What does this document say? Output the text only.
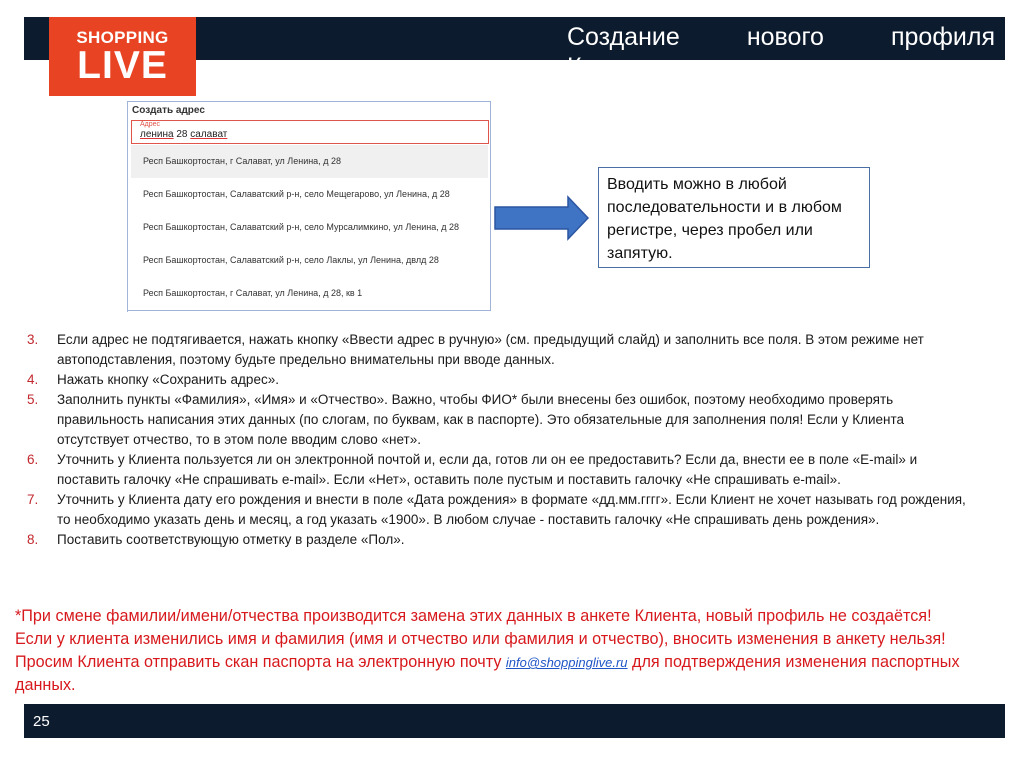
SHOPPING
LIVE
Создание	нового	профиля
Клиента
Создать адрес
Адрес
ленина 28 салават
Респ Башкортостан, г Салават, ул Ленина, д 28
Респ Башкортостан, Салаватский р-н, село Мещегарово, ул Ленина, д 28
Респ Башкортостан, Салаватский р-н, село Мурсалимкино, ул Ленина, д 28
Респ Башкортостан, Салаватский р-н, село Лаклы, ул Ленина, двлд 28
Респ Башкортостан, г Салават, ул Ленина, д 28, кв 1
Вводить можно в любой последовательности и в любом регистре, через пробел или запятую.
3. Если адрес не подтягивается, нажать кнопку «Ввести адрес в ручную» (см. предыдущий слайд) и заполнить все поля. В этом режиме нет автоподставления, поэтому будьте предельно внимательны при вводе данных.
4. Нажать кнопку «Сохранить адрес».
5. Заполнить пункты «Фамилия», «Имя» и «Отчество». Важно, чтобы ФИО* были внесены без ошибок, поэтому необходимо проверять правильность написания этих данных (по слогам, по буквам, как в паспорте). Это обязательные для заполнения поля! Если у Клиента отсутствует отчество, то в этом поле вводим слово «нет».
6. Уточнить у Клиента пользуется ли он электронной почтой и, если да, готов ли он ее предоставить? Если да, внести ее в поле «E-mail» и поставить галочку «Не спрашивать e-mail». Если «Нет», оставить поле пустым и поставить галочку «Не спрашивать e-mail».
7. Уточнить у Клиента дату его рождения и внести в поле «Дата рождения» в формате «дд.мм.гггг». Если Клиент не хочет называть год рождения, то необходимо указать день и месяц, а год указать «1900». В любом случае - поставить галочку «Не спрашивать день рождения».
8. Поставить соответствующую отметку в разделе «Пол».
*При смене фамилии/имени/отчества производится замена этих данных в анкете Клиента, новый профиль не создаётся!
Если у клиента изменились имя и фамилия (имя и отчество или фамилия и отчество), вносить изменения в анкету нельзя!
Просим Клиента отправить скан паспорта на электронную почту info@shoppinglive.ru для подтверждения изменения паспортных данных.
25
